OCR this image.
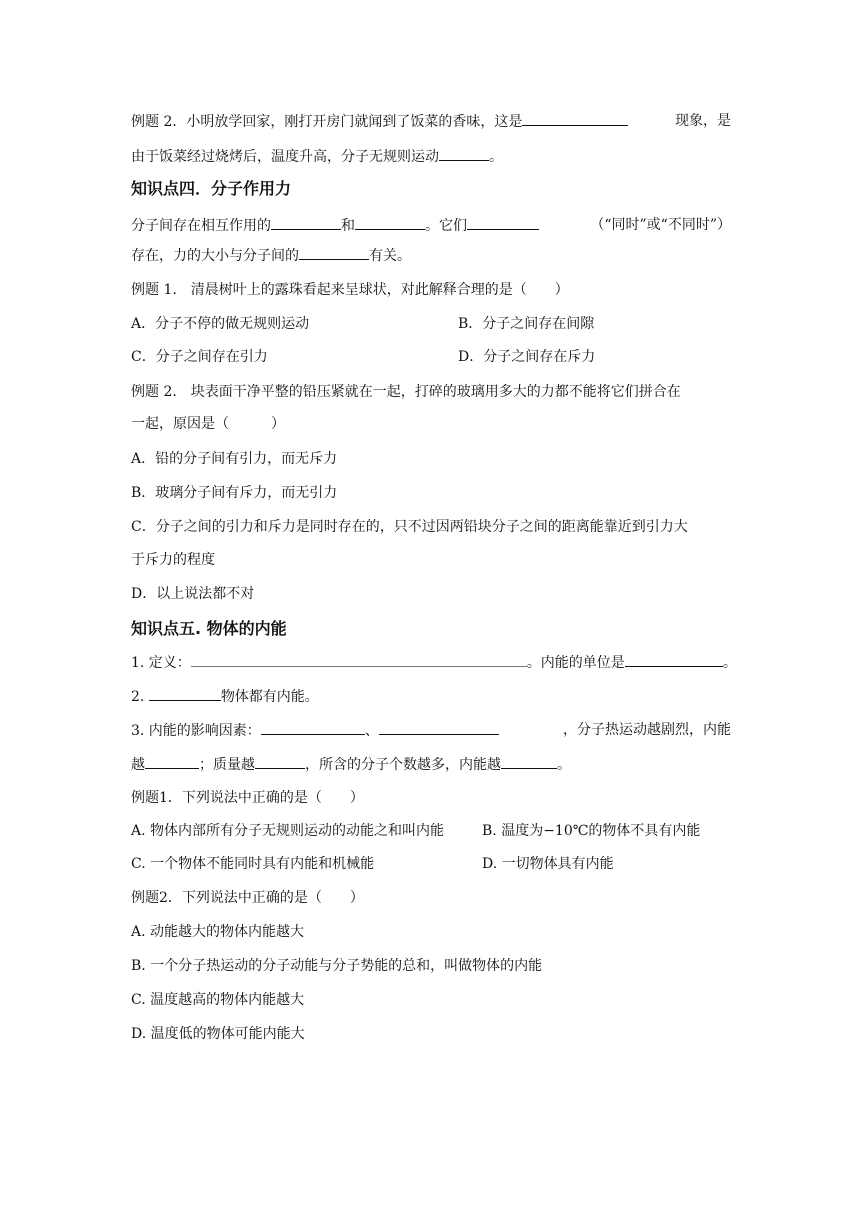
例题 2．小明放学回家，刚打开房门就闻到了饭菜的香味，这是	现象，是
由于饭菜经过烧烤后，温度升高，分子无规则运动	。
知识点四．分子作用力
分子间存在相互作用的	和	。它们	（“同时”或“不同时”）
存在，力的大小与分子间的	有关。
例题 1.　清晨树叶上的露珠看起来呈球状，对此解释合理的是（　　）
A．分子不停的做无规则运动	B．分子之间存在间隙
C．分子之间存在引力	D．分子之间存在斥力
例题 2.　块表面干净平整的铅压紧就在一起，打碎的玻璃用多大的力都不能将它们拼合在
一起，原因是（　　　）
A．铅的分子间有引力，而无斥力
B．玻璃分子间有斥力，而无引力
C．分子之间的引力和斥力是同时存在的，只不过因两铅块分子之间的距离能靠近到引力大
于斥力的程度
D．以上说法都不对
知识点五. 物体的内能
1. 定义：	。内能的单位是	。
2.	物体都有内能。
3. 内能的影响因素：	、	，分子热运动越剧烈，内能
越	；质量越	，所含的分子个数越多，内能越	。
例题1．下列说法中正确的是（　　）
A. 物体内部所有分子无规则运动的动能之和叫内能	B. 温度为−10℃的物体不具有内能
C. 一个物体不能同时具有内能和机械能	D. 一切物体具有内能
例题2．下列说法中正确的是（　　）
A. 动能越大的物体内能越大
B. 一个分子热运动的分子动能与分子势能的总和，叫做物体的内能
C. 温度越高的物体内能越大
D. 温度低的物体可能内能大
